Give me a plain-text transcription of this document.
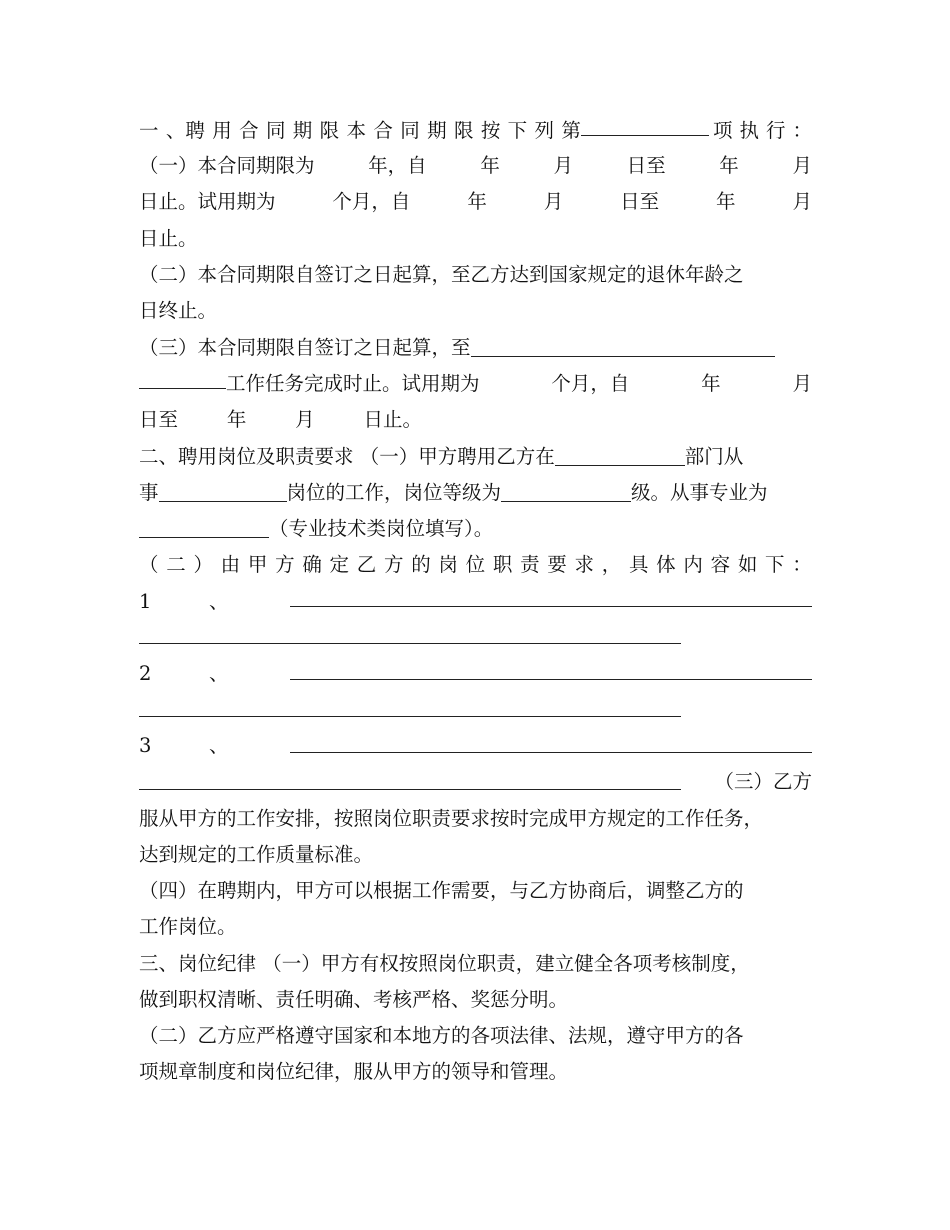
一 、聘 用 合 同 期 限 本 合 同 期 限 按 下 列 第	项 执 行 ：
（一）本合同期限为	年，自	年	月	日至	年	月
日止。试用期为	个月，自	年	月	日至	年	月
日止。
（二）本合同期限自签订之日起算，至乙方达到国家规定的退休年龄之
日终止。
（三）本合同期限自签订之日起算，至
工作任务完成时止。试用期为	个月，自	年	月
日至	年	月	日止。
二、聘用岗位及职责要求 （一）甲方聘用乙方在	部门从
事	岗位的工作，岗位等级为	级。从事专业为
（专业技术类岗位填写）。
（ 二 ） 由 甲 方 确 定 乙 方 的 岗 位 职 责 要 求 ， 具 体 内 容 如 下 ：
1	、
2	、
3	、
（三）乙方
服从甲方的工作安排，按照岗位职责要求按时完成甲方规定的工作任务，
达到规定的工作质量标准。
（四）在聘期内，甲方可以根据工作需要，与乙方协商后，调整乙方的
工作岗位。
三、岗位纪律 （一）甲方有权按照岗位职责，建立健全各项考核制度，
做到职权清晰、责任明确、考核严格、奖惩分明。
（二）乙方应严格遵守国家和本地方的各项法律、法规，遵守甲方的各
项规章制度和岗位纪律，服从甲方的领导和管理。
